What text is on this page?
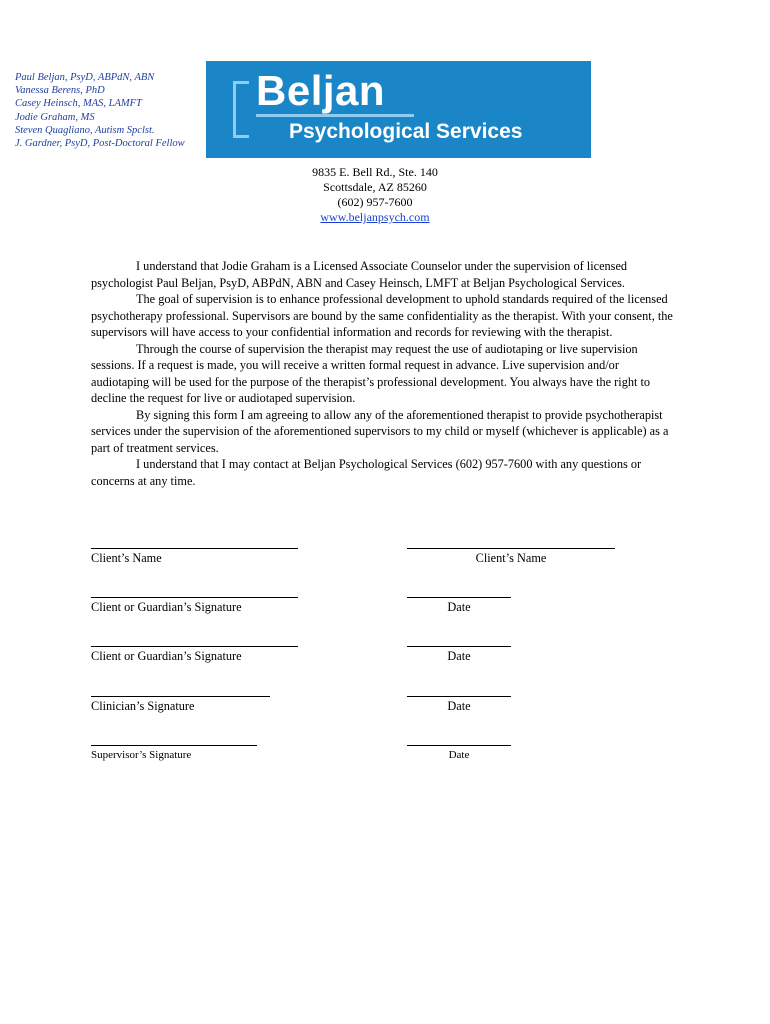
Paul Beljan, PsyD, ABPdN, ABN
Vanessa Berens, PhD
Casey Heinsch, MAS, LAMFT
Jodie Graham, MS
Steven Quagliano, Autism Spclst.
J. Gardner, PsyD, Post-Doctoral Fellow
Beljan
Psychological Services
9835 E. Bell Rd., Ste. 140
Scottsdale, AZ 85260
(602) 957-7600
www.beljanpsych.com

I understand that Jodie Graham is a Licensed Associate Counselor under the supervision of licensed psychologist Paul Beljan, PsyD, ABPdN, ABN and Casey Heinsch, LMFT at Beljan Psychological Services.

The goal of supervision is to enhance professional development to uphold standards required of the licensed psychotherapy professional. Supervisors are bound by the same confidentiality as the therapist. With your consent, the supervisors will have access to your confidential information and records for reviewing with the therapist.

Through the course of supervision the therapist may request the use of audiotaping or live supervision sessions. If a request is made, you will receive a written formal request in advance. Live supervision and/or audiotaping will be used for the purpose of the therapist’s professional development. You always have the right to decline the request for live or audiotaped supervision.

By signing this form I am agreeing to allow any of the aforementioned therapist to provide psychotherapist services under the supervision of the aforementioned supervisors to my child or myself (whichever is applicable) as a part of treatment services.

I understand that I may contact at Beljan Psychological Services (602) 957-7600 with any questions or concerns at any time.

Client’s Name	Client’s Name
Client or Guardian’s Signature	Date
Client or Guardian’s Signature	Date
Clinician’s Signature	Date
Supervisor’s Signature	Date
